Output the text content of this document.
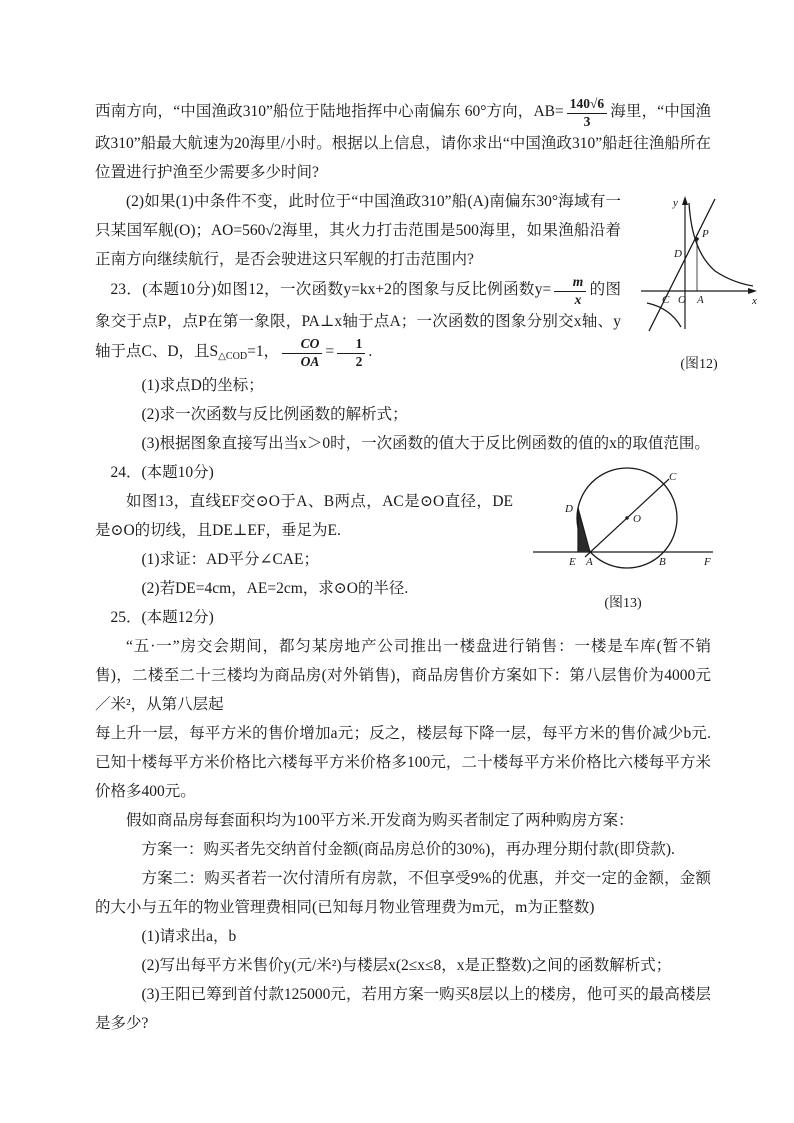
西南方向，“中国渔政310”船位于陆地指挥中心南偏东 60°方向，$AB= \frac{140√6}{3}$ 海里，“中国渔政310”船最大航速为20海里/小时。根据以上信息，请你求出“中国渔政310”船赶往渔船所在位置进行护渔至少需要多少时间?

y
x
P
D
C O A
(图12)
(2)如果(1)中条件不变，此时位于“中国渔政310”船(A)南偏东30°海域有一只某国军舰(O)；AO=560√2海里，其火力打击范围是500海里，如果渔船沿着正南方向继续航行，是否会驶进这只军舰的打击范围内?

23．(本题10分)如图12，一次函数y=kx+2的图象与反比例函数$y= \frac{m}{x}$ 的图象交于点P，点P在第一象限，PA⊥x轴于点A；一次函数的图象分别交x轴、y轴于点C、D，且$S_{\triangle COD}=1$， $\frac{CO}{OA} = \frac{1}{2}$ .

(1)求点D的坐标；

(2)求一次函数与反比例函数的解析式；

(3)根据图象直接写出当x＞0时，一次函数的值大于反比例函数的值的x的取值范围。

C
D
O
E A	B	F
(图13)
24．(本题10分)

如图13，直线EF交⊙O于A、B两点，AC是⊙O直径，DE是⊙O的切线，且DE⊥EF，垂足为E.

(1)求证：AD平分∠CAE；

(2)若DE=4cm，AE=2cm，求⊙O的半径.

25．(本题12分)

“五·一”房交会期间，都匀某房地产公司推出一楼盘进行销售：一楼是车库(暂不销售)，二楼至二十三楼均为商品房(对外销售)，商品房售价方案如下：第八层售价为4000元／米²，从第八层起

每上升一层，每平方米的售价增加a元；反之，楼层每下降一层，每平方米的售价减少b元.已知十楼每平方米价格比六楼每平方米价格多100元，二十楼每平方米价格比六楼每平方米价格多400元。

假如商品房每套面积均为100平方米.开发商为购买者制定了两种购房方案：

方案一：购买者先交纳首付金额(商品房总价的30%)，再办理分期付款(即贷款).

方案二：购买者若一次付清所有房款，不但享受9%的优惠，并交一定的金额，金额的大小与五年的物业管理费相同(已知每月物业管理费为m元，m为正整数)

(1)请求出a，b

(2)写出每平方米售价y(元/米²)与楼层x(2≤x≤8，x是正整数)之间的函数解析式；

(3)王阳已筹到首付款125000元，若用方案一购买8层以上的楼房，他可买的最高楼层是多少?
